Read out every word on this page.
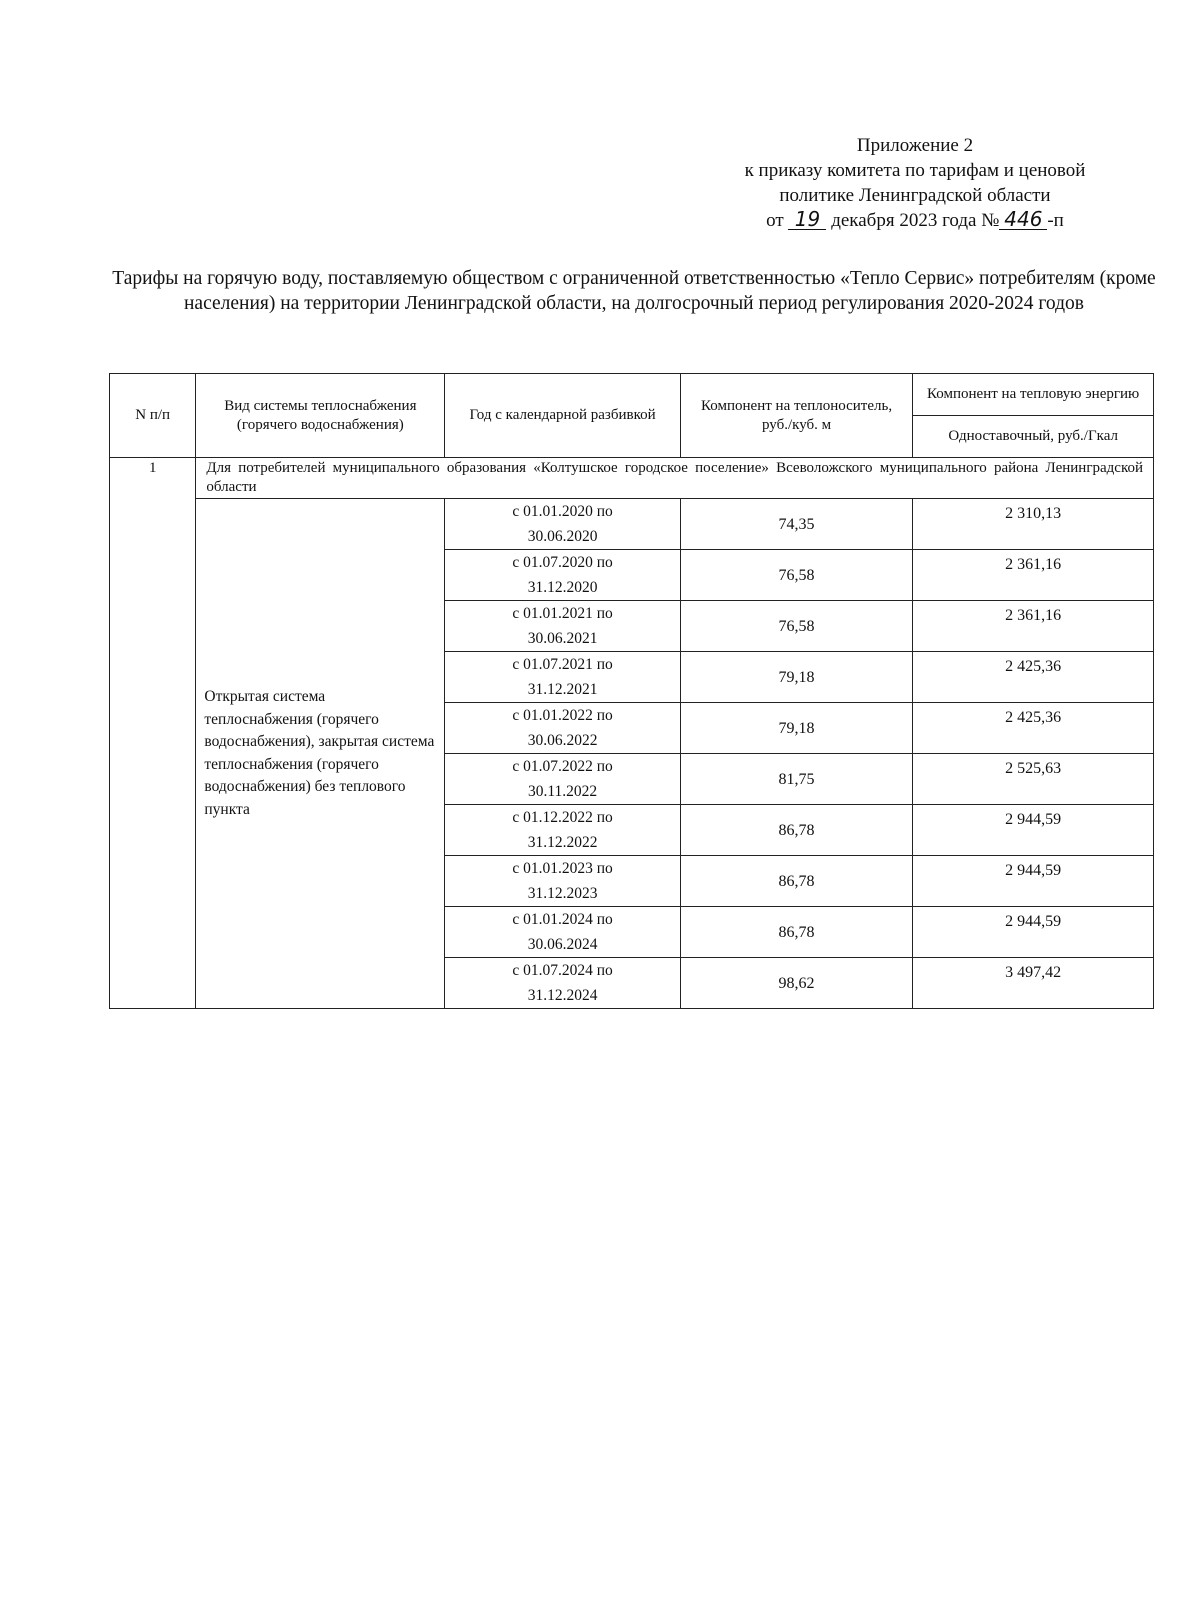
Приложение 2
к приказу комитета по тарифам и ценовой
политике Ленинградской области
от 19 декабря 2023 года № 446 -п
Тарифы на горячую воду, поставляемую обществом с ограниченной ответственностью «Тепло Сервис» потребителям (кроме населения) на территории Ленинградской области, на долгосрочный период регулирования 2020-2024 годов
N п/п	Вид системы теплоснабжения (горячего водоснабжения)	Год с календарной разбивкой	Компонент на теплоноситель, руб./куб. м	Компонент на тепловую энергию
				Одноставочный, руб./Гкал
1	Для потребителей муниципального образования «Колтушское городское поселение» Всеволожского муниципального района Ленинградской области			
	Открытая система теплоснабжения (горячего водоснабжения), закрытая система теплоснабжения (горячего водоснабжения) без теплового пункта	с 01.01.2020 по
30.06.2020	74,35	2 310,13

		с 01.07.2020 по
31.12.2020	76,58	2 361,16

		с 01.01.2021 по
30.06.2021	76,58	2 361,16

		с 01.07.2021 по
31.12.2021	79,18	2 425,36

		с 01.01.2022 по
30.06.2022	79,18	2 425,36

		с 01.07.2022 по
30.11.2022	81,75	2 525,63

		с 01.12.2022 по
31.12.2022	86,78	2 944,59

		с 01.01.2023 по
31.12.2023	86,78	2 944,59

		с 01.01.2024 по
30.06.2024	86,78	2 944,59

		с 01.07.2024 по
31.12.2024	98,62	3 497,42
